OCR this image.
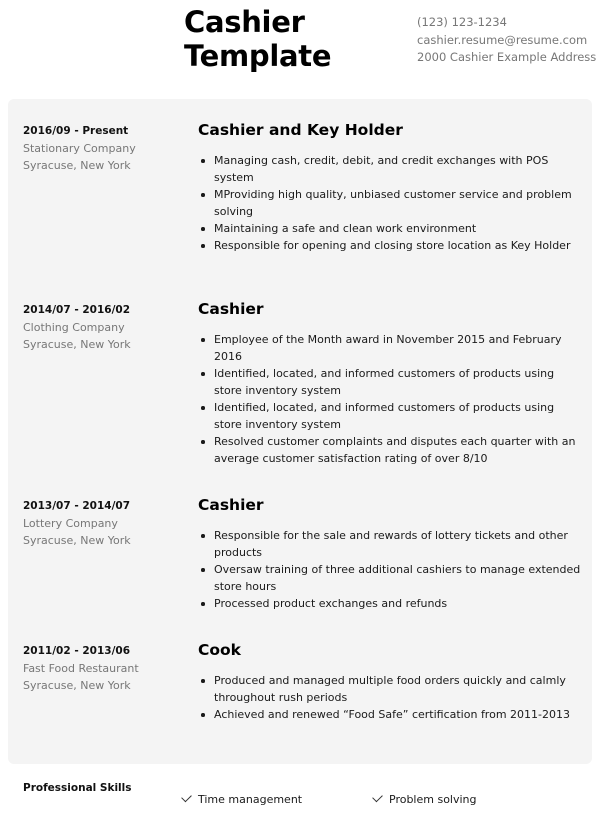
Cashier
Template
(123) 123-1234
cashier.resume@resume.com
2000 Cashier Example Address
2016/09 - Present
Stationary Company
Syracuse, New York
Cashier and Key Holder
Managing cash, credit, debit, and credit exchanges with POS system
MProviding high quality, unbiased customer service and problem solving
Maintaining a safe and clean work environment
Responsible for opening and closing store location as Key Holder
2014/07 - 2016/02
Clothing Company
Syracuse, New York
Cashier
Employee of the Month award in November 2015 and February 2016
Identified, located, and informed customers of products using store inventory system
Identified, located, and informed customers of products using store inventory system
Resolved customer complaints and disputes each quarter with an average customer satisfaction rating of over 8/10
2013/07 - 2014/07
Lottery Company
Syracuse, New York
Cashier
Responsible for the sale and rewards of lottery tickets and other products
Oversaw training of three additional cashiers to manage extended store hours
Processed product exchanges and refunds
2011/02 - 2013/06
Fast Food Restaurant
Syracuse, New York
Cook
Produced and managed multiple food orders quickly and calmly throughout rush periods
Achieved and renewed “Food Safe” certification from 2011-2013
Professional Skills
Time management	Problem solving
